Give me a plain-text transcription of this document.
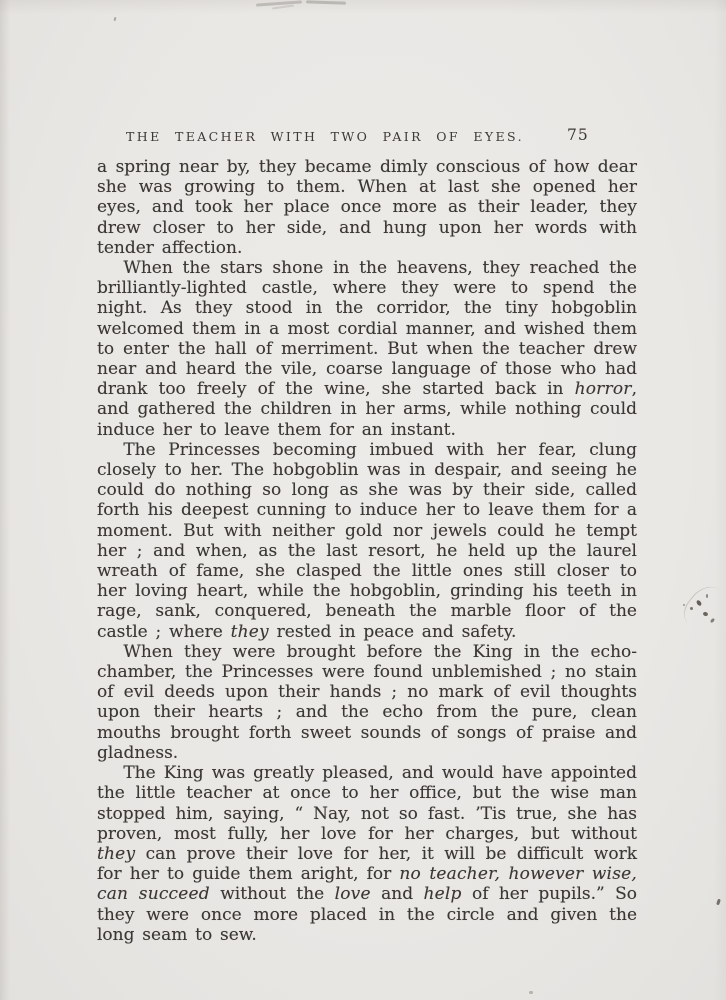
THE TEACHER WITH TWO PAIR OF EYES.	75

a spring near by, they became dimly conscious of how dear she was growing to them. When at last she opened her eyes, and took her place once more as their leader, they drew closer to her side, and hung upon her words with tender affection.

When the stars shone in the heavens, they reached the brilliantly-lighted castle, where they were to spend the night. As they stood in the corridor, the tiny hobgoblin welcomed them in a most cordial manner, and wished them to enter the hall of merriment. But when the teacher drew near and heard the vile, coarse language of those who had drank too freely of the wine, she started back in horror, and gathered the children in her arms, while nothing could induce her to leave them for an instant.

The Princesses becoming imbued with her fear, clung closely to her. The hobgoblin was in despair, and seeing he could do nothing so long as she was by their side, called forth his deepest cunning to induce her to leave them for a moment. But with neither gold nor jewels could he tempt her ; and when, as the last resort, he held up the laurel wreath of fame, she clasped the little ones still closer to her loving heart, while the hobgoblin, grinding his teeth in rage, sank, conquered, beneath the marble floor of the castle ; where they rested in peace and safety.

When they were brought before the King in the echo-chamber, the Princesses were found unblemished ; no stain of evil deeds upon their hands ; no mark of evil thoughts upon their hearts ; and the echo from the pure, clean mouths brought forth sweet sounds of songs of praise and gladness.

The King was greatly pleased, and would have appointed the little teacher at once to her office, but the wise man stopped him, saying, “ Nay, not so fast. ’Tis true, she has proven, most fully, her love for her charges, but without they can prove their love for her, it will be difficult work for her to guide them aright, for no teacher, however wise, can succeed without the love and help of her pupils.” So they were once more placed in the circle and given the long seam to sew.
